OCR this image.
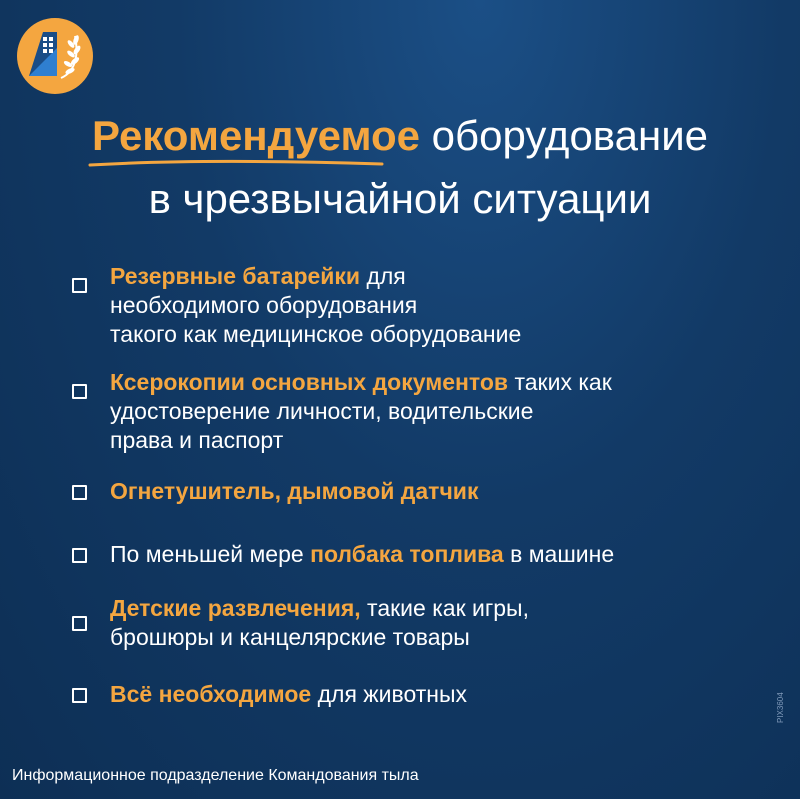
Рекомендуемое оборудование
в чрезвычайной ситуации
Резервные батарейки для
необходимого оборудования
такого как медицинское оборудование
Ксерокопии основных документов таких как
удостоверение личности, водительские
права и паспорт
Огнетушитель, дымовой датчик
По меньшей мере полбака топлива в машине
Детские развлечения, такие как игры,
брошюры и канцелярские товары
Всё необходимое для животных
Информационное подразделение Командования тыла
PIX3604
